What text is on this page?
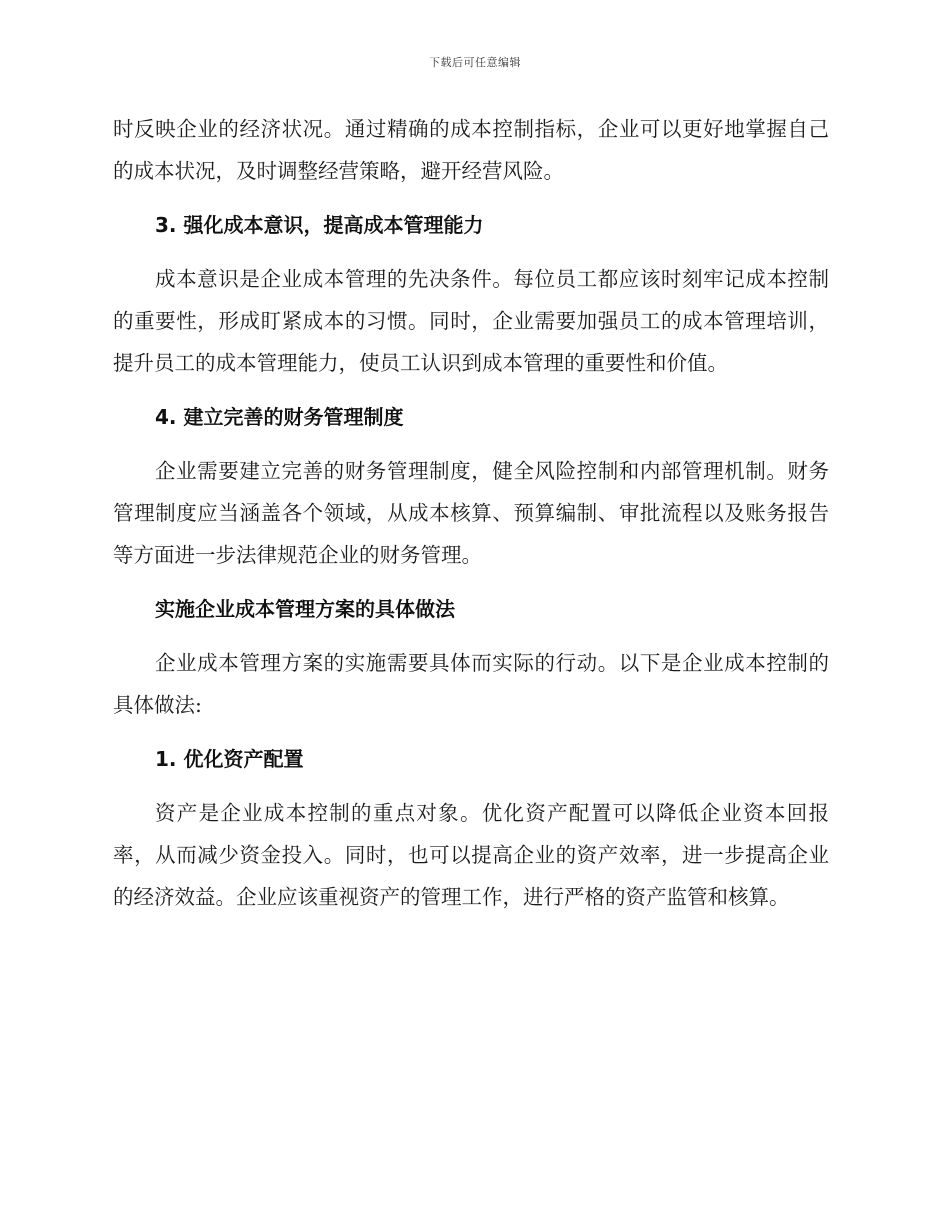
下载后可任意编辑

时反映企业的经济状况。通过精确的成本控制指标，企业可以更好地掌握自己的成本状况，及时调整经营策略，避开经营风险。

3. 强化成本意识，提高成本管理能力

成本意识是企业成本管理的先决条件。每位员工都应该时刻牢记成本控制的重要性，形成盯紧成本的习惯。同时，企业需要加强员工的成本管理培训，提升员工的成本管理能力，使员工认识到成本管理的重要性和价值。

4. 建立完善的财务管理制度

企业需要建立完善的财务管理制度，健全风险控制和内部管理机制。财务管理制度应当涵盖各个领域，从成本核算、预算编制、审批流程以及账务报告等方面进一步法律规范企业的财务管理。

实施企业成本管理方案的具体做法

企业成本管理方案的实施需要具体而实际的行动。以下是企业成本控制的具体做法:

1. 优化资产配置

资产是企业成本控制的重点对象。优化资产配置可以降低企业资本回报率，从而减少资金投入。同时，也可以提高企业的资产效率，进一步提高企业的经济效益。企业应该重视资产的管理工作，进行严格的资产监管和核算。
